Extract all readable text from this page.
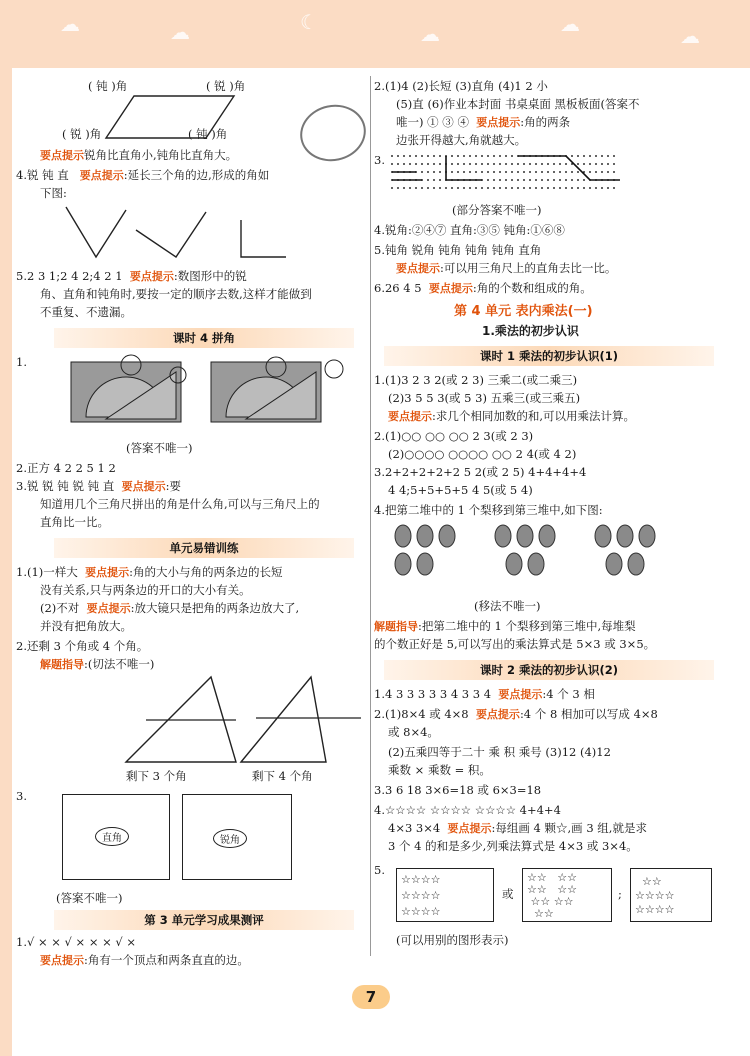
☁	☁	☾	☁	☁	☁
( 钝 )角	( 锐 )角
( 锐 )角	( 钝 )角
要点提示锐角比直角小,钝角比直角大。
4.锐 钝 直 要点提示:延长三个角的边,形成的角如
下图:
5.2 3 1;2 4 2;4 2 1 要点提示:数图形中的锐
角、直角和钝角时,要按一定的顺序去数,这样才能做到
不重复、不遗漏。
课时 4 拼角
1.
(答案不唯一)
2.正方 4 2 2 5 1 2
3.锐 锐 钝 锐 钝 直 要点提示:要
知道用几个三角尺拼出的角是什么角,可以与三角尺上的
直角比一比。
单元易错训练
1.(1)一样大 要点提示:角的大小与角的两条边的长短
没有关系,只与两条边的开口的大小有关。
(2)不对 要点提示:放大镜只是把角的两条边放大了,
并没有把角放大。
2.还剩 3 个角或 4 个角。
解题指导:(切法不唯一)
剩下 3 个角	剩下 4 个角
3.
直角	锐角
(答案不唯一)
第 3 单元学习成果测评
1.√ × × √ × × × √ ×
要点提示:角有一个顶点和两条直直的边。
2.(1)4 (2)长短 (3)直角 (4)1 2 小
(5)直 (6)作业本封面 书桌桌面 黑板板面(答案不
唯一) ① ③ ④ 要点提示:角的两条
边张开得越大,角就越大。
3.
(部分答案不唯一)
4.锐角:②④⑦ 直角:③⑤ 钝角:①⑥⑧
5.钝角 锐角 钝角 钝角 钝角 直角
要点提示:可以用三角尺上的直角去比一比。
6.26 4 5 要点提示:角的个数和组成的角。
第 4 单元 表内乘法(一)
1.乘法的初步认识
课时 1 乘法的初步认识(1)
1.(1)3 2 3 2(或 2 3) 三乘二(或二乘三)
(2)3 5 5 3(或 5 3) 五乘三(或三乘五)
要点提示:求几个相同加数的和,可以用乘法计算。
2.(1)○○ ○○ ○○ 2 3(或 2 3)
(2)○○○○ ○○○○ ○○ 2 4(或 4 2)
3.2+2+2+2+2 5 2(或 2 5) 4+4+4+4
4 4;5+5+5+5 4 5(或 5 4)
4.把第二堆中的 1 个梨移到第三堆中,如下图:
(移法不唯一)
解题指导:把第二堆中的 1 个梨移到第三堆中,每堆梨
的个数正好是 5,可以写出的乘法算式是 5×3 或 3×5。
课时 2 乘法的初步认识(2)
1.4 3 3 3 3 3 4 3 3 4 要点提示:4 个 3 相
2.(1)8×4 或 4×8 要点提示:4 个 8 相加可以写成 4×8
或 8×4。
(2)五乘四等于二十 乘 积 乘号 (3)12 (4)12
乘数 × 乘数 = 积。
3.3 6 18 3×6=18 或 6×3=18
4.☆☆☆☆ ☆☆☆☆ ☆☆☆☆ 4+4+4
4×3 3×4 要点提示:每组画 4 颗☆,画 3 组,就是求
3 个 4 的和是多少,列乘法算式是 4×3 或 3×4。
5.
☆☆☆☆
☆☆☆☆
☆☆☆☆
或
☆☆   ☆☆
☆☆   ☆☆
☆☆ ☆☆
☆☆
;
☆☆
☆☆☆☆
☆☆☆☆
(可以用别的图形表示)
7
